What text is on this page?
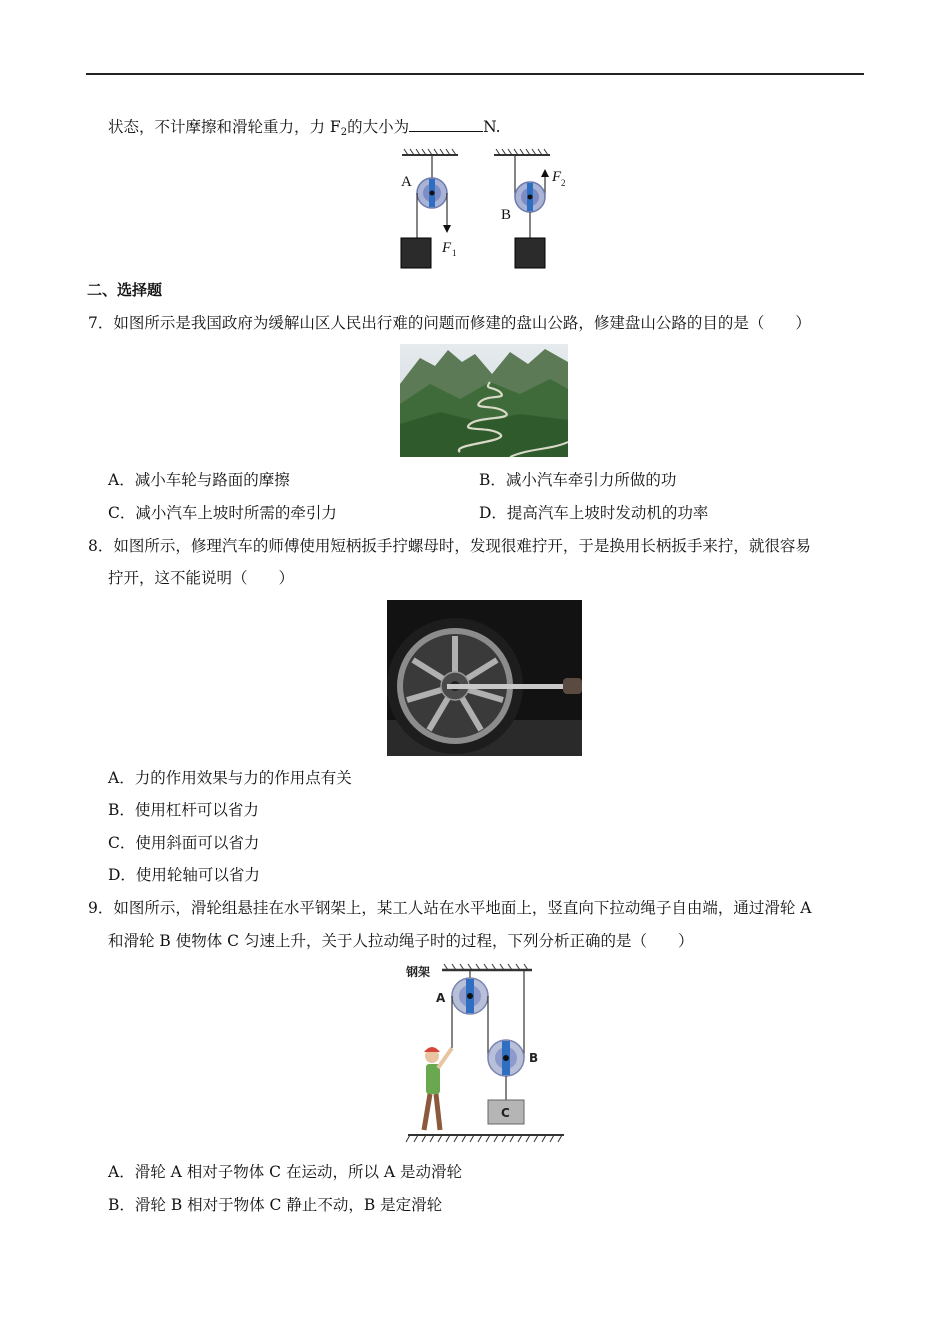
状态，不计摩擦和滑轮重力，力 $F_2$的大小为	N.
A
F 1
B
F 2
二、选择题
7．如图所示是我国政府为缓解山区人民出行难的问题而修建的盘山公路，修建盘山公路的目的是（　　）
A．减小车轮与路面的摩擦	B．减小汽车牵引力所做的功
C．减小汽车上坡时所需的牵引力	D．提高汽车上坡时发动机的功率
8．如图所示，修理汽车的师傅使用短柄扳手拧螺母时，发现很难拧开，于是换用长柄扳手来拧，就很容易
拧开，这不能说明（　　）
A．力的作用效果与力的作用点有关
B．使用杠杆可以省力
C．使用斜面可以省力
D．使用轮轴可以省力
9．如图所示，滑轮组悬挂在水平钢架上，某工人站在水平地面上，竖直向下拉动绳子自由端，通过滑轮 A
和滑轮 B 使物体 C 匀速上升，关于人拉动绳子时的过程，下列分析正确的是（　　）
钢架
A
B
C
A．滑轮 A 相对子物体 C 在运动，所以 A 是动滑轮
B．滑轮 B 相对于物体 C 静止不动，B 是定滑轮
